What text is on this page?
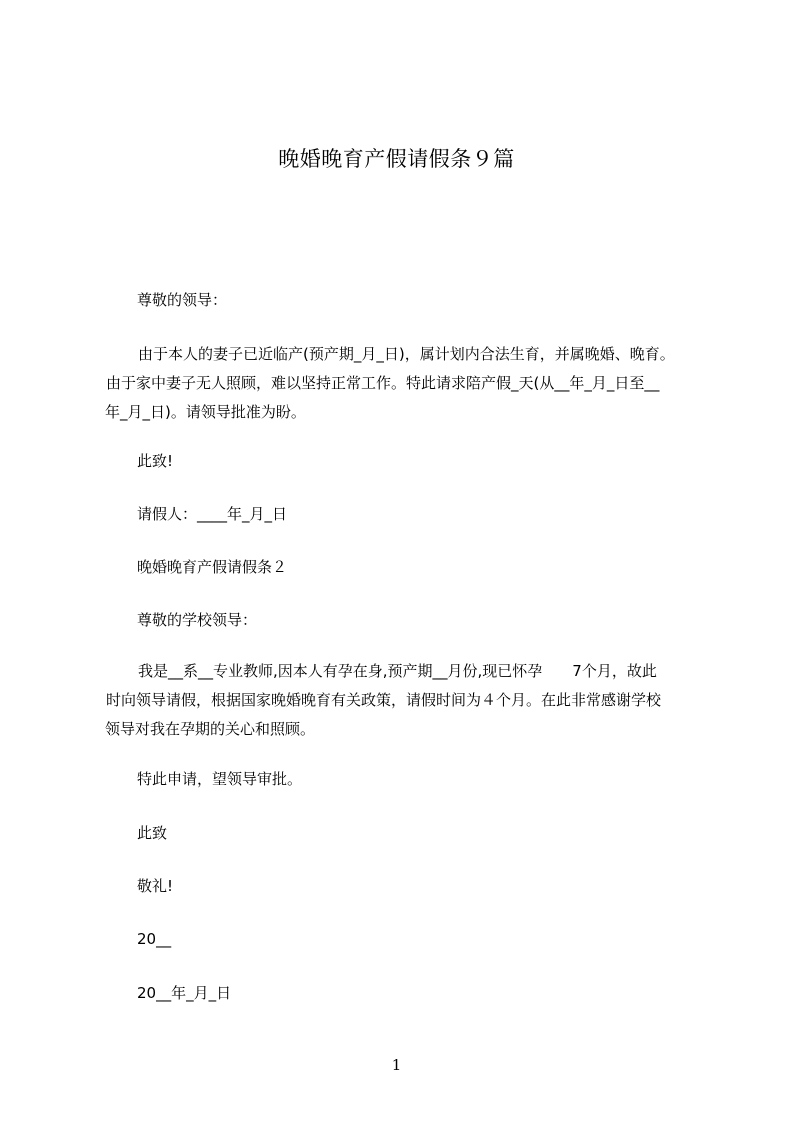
晚婚晚育产假请假条９篇
尊敬的领导：
由于本人的妻子已近临产(预产期_月_日)，属计划内合法生育，并属晚婚、晚育。
由于家中妻子无人照顾，难以坚持正常工作。特此请求陪产假_天(从__年_月_日至__
年_月_日)。请领导批准为盼。
此致!
请假人：____年_月_日
晚婚晚育产假请假条２
尊敬的学校领导：
我是__系__专业教师,因本人有孕在身,预产期__月份,现已怀孕　　7个月，故此
时向领导请假，根据国家晚婚晚育有关政策，请假时间为４个月。在此非常感谢学校
领导对我在孕期的关心和照顾。
特此申请，望领导审批。
此致
敬礼!
20__
20__年_月_日
1
